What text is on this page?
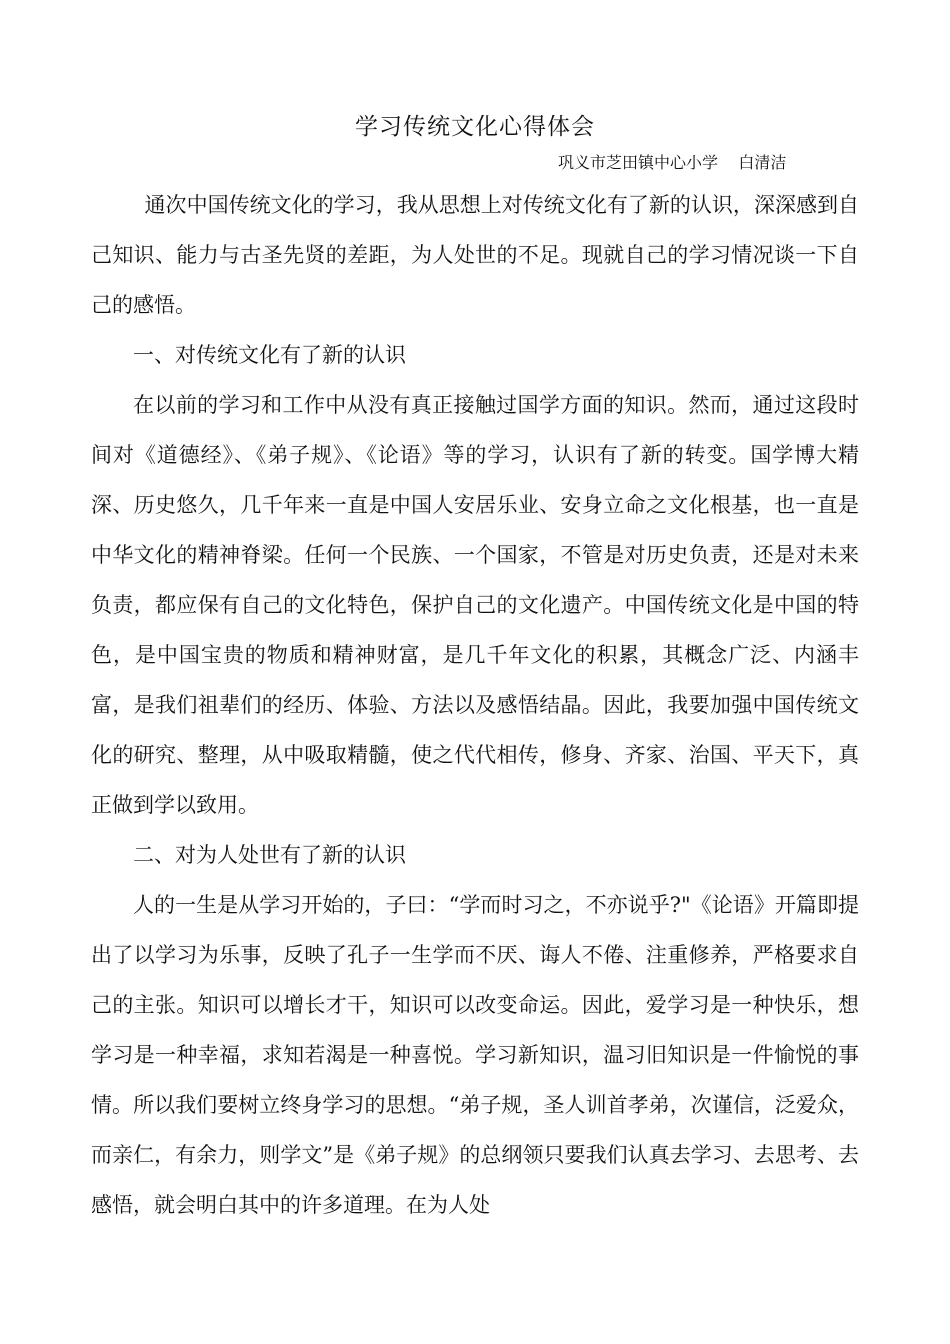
学习传统文化心得体会
巩义市芝田镇中心小学    白清洁

通次中国传统文化的学习，我从思想上对传统文化有了新的认识，深深感到自己知识、能力与古圣先贤的差距，为人处世的不足。现就自己的学习情况谈一下自己的感悟。

一、对传统文化有了新的认识

在以前的学习和工作中从没有真正接触过国学方面的知识。然而，通过这段时间对《道德经》、《弟子规》、《论语》等的学习，认识有了新的转变。国学博大精深、历史悠久，几千年来一直是中国人安居乐业、安身立命之文化根基，也一直是中华文化的精神脊梁。任何一个民族、一个国家，不管是对历史负责，还是对未来负责，都应保有自己的文化特色，保护自己的文化遗产。中国传统文化是中国的特色，是中国宝贵的物质和精神财富，是几千年文化的积累，其概念广泛、内涵丰富，是我们祖辈们的经历、体验、方法以及感悟结晶。因此，我要加强中国传统文化的研究、整理，从中吸取精髓，使之代代相传，修身、齐家、治国、平天下，真正做到学以致用。

二、对为人处世有了新的认识

人的一生是从学习开始的，子曰：“学而时习之，不亦说乎?"《论语》开篇即提出了以学习为乐事，反映了孔子一生学而不厌、诲人不倦、注重修养，严格要求自己的主张。知识可以增长才干，知识可以改变命运。因此，爱学习是一种快乐，想学习是一种幸福，求知若渴是一种喜悦。学习新知识，温习旧知识是一件愉悦的事情。所以我们要树立终身学习的思想。“弟子规，圣人训首孝弟，次谨信，泛爱众，而亲仁，有余力，则学文”是《弟子规》的总纲领只要我们认真去学习、去思考、去感悟，就会明白其中的许多道理。在为人处
